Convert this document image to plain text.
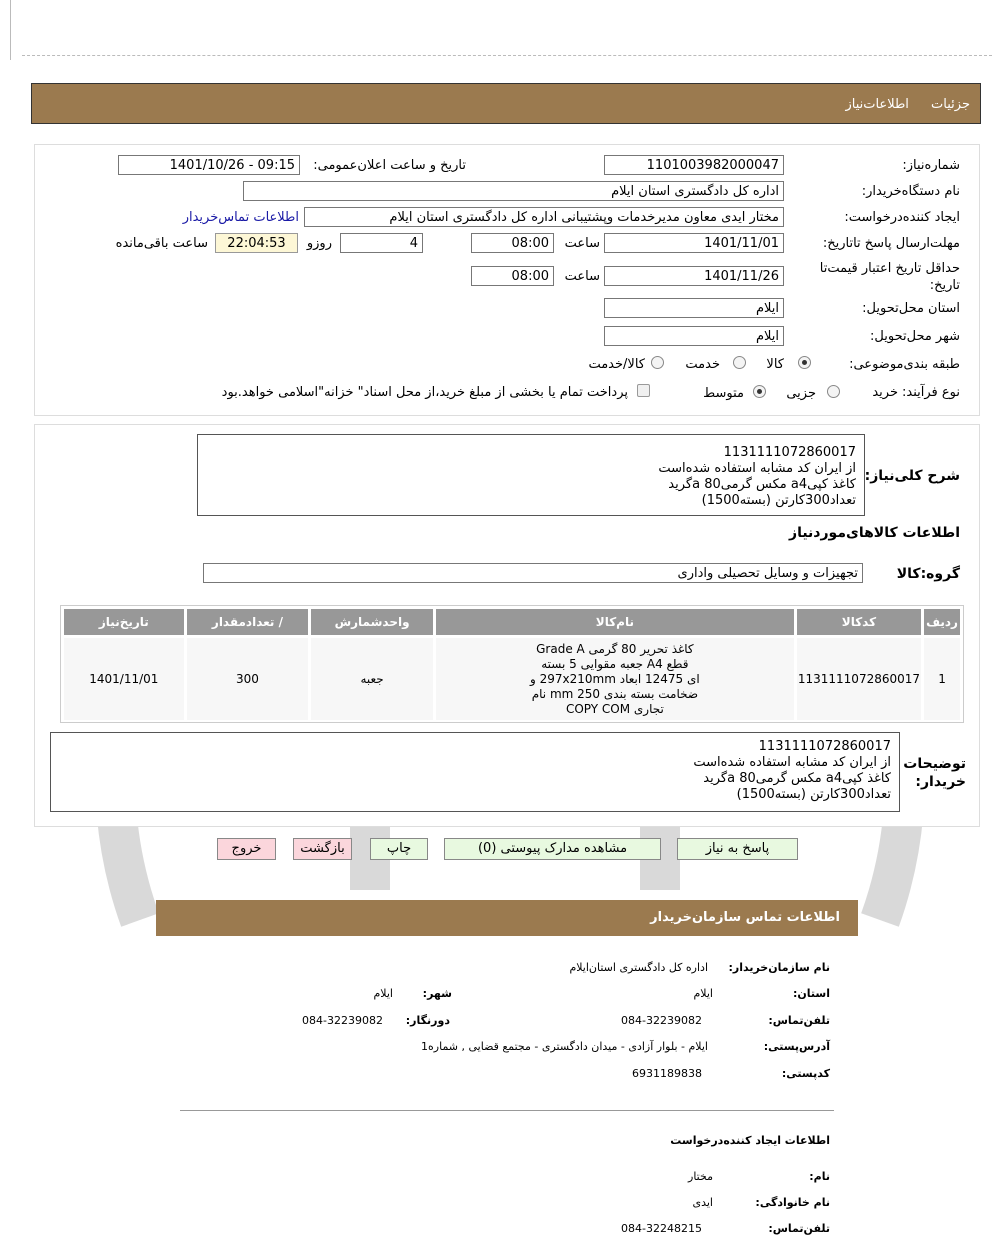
جزئیات اطلاعات‌نیاز
شماره‌نیاز:
1101003982000047
تاریخ و ساعت اعلان‌عمومی:
1401/10/26 - 09:15
نام دستگاه‌خریدار:
اداره کل دادگستری استان ایلام
ایجاد کننده‌درخواست:
مختار ایدی معاون مدیرخدمات وپشتیبانی اداره کل دادگستری استان ایلام
اطلاعات تماس‌خریدار
مهلت‌ارسال پاسخ تا‌تاریخ:
1401/11/01
ساعت
08:00
4
روزو
22:04:53
ساعت باقی‌مانده
حداقل تاریخ اعتبار قیمت‌تا
تاریخ:
1401/11/26
ساعت
08:00
استان محل‌تحویل:
ایلام
شهر محل‌تحویل:
ایلام
طبقه بندی‌موضوعی:
کالا
خدمت
کالا/خدمت
نوع فرآیند:
خرید
جزیی
متوسط
پرداخت تمام یا بخشی از مبلغ خرید،از محل اسناد" خزانه"اسلامی خواهد.بود
شرح کلی‌نیاز:
1131111072860017
از ایران کد مشابه استفاده شده‌است
کاغذ کپی‌a4 مکس گرمی‌80 aگرید
تعداد300کارتن (بسته1500)
اطلاعات کالاهای‌موردنیاز
گروه:کالا
تجهیزات و وسایل تحصیلی واداری
ردیف	کدکالا	نام‌کالا	واحدشمارش	/ تعدادمقدار	تاریخ‌نیاز
1	1131111072860017	کاغذ تحریر 80 گرمی Grade A
قطع A4 جعبه مقوایی 5 بسته
ای 12475 ابعاد 297x210mm و
ضخامت بسته بندی 250 mm نام
تجاری COPY COM	جعبه	300	1401/11/01
توضیحات
خریدار:
1131111072860017
از ایران کد مشابه استفاده شده‌است
کاغذ کپی‌a4 مکس گرمی‌80 aگرید
تعداد300کارتن (بسته1500)
پاسخ به نیاز
مشاهده مدارک پیوستی (0)
چاپ
بازگشت
خروج
اطلاعات تماس سازمان‌خریدار
نام سازمان‌خریدار:
اداره کل دادگستری استان‌ایلام
استان:
ایلام
شهر:
ایلام
تلفن‌تماس:
084-32239082
دورنگار:
084-32239082
آدرس‌پستی:
ایلام - بلوار آزادی - میدان دادگستری - مجتمع قضایی , شماره1
کد‌پستی:
6931189838
اطلاعات ایجاد کننده‌درخواست
نام:
مختار
نام خانوادگی:
ایدی
تلفن‌تماس:
084-32248215
